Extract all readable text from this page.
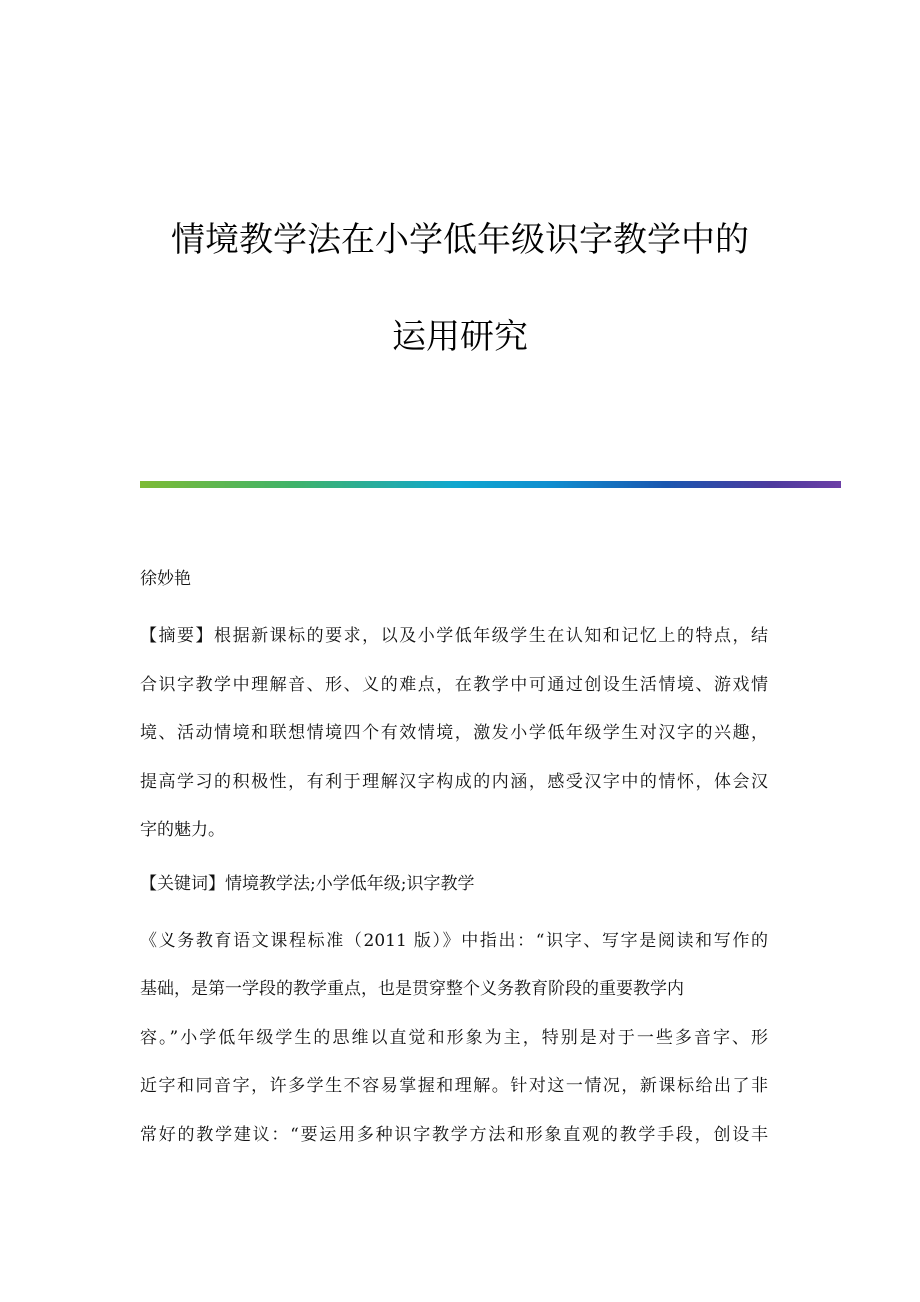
情境教学法在小学低年级识字教学中的
运用研究
徐妙艳
【摘要】根据新课标的要求，以及小学低年级学生在认知和记忆上的特点，结
合识字教学中理解音、形、义的难点，在教学中可通过创设生活情境、游戏情
境、活动情境和联想情境四个有效情境，激发小学低年级学生对汉字的兴趣，
提高学习的积极性，有利于理解汉字构成的内涵，感受汉字中的情怀，体会汉
字的魅力。
【关键词】情境教学法;小学低年级;识字教学
《义务教育语文课程标准（2011 版）》中指出：“识字、写字是阅读和写作的
基础，是第一学段的教学重点，也是贯穿整个义务教育阶段的重要教学内
容。”小学低年级学生的思维以直觉和形象为主，特别是对于一些多音字、形
近字和同音字，许多学生不容易掌握和理解。针对这一情况，新课标给出了非
常好的教学建议：“要运用多种识字教学方法和形象直观的教学手段，创设丰
